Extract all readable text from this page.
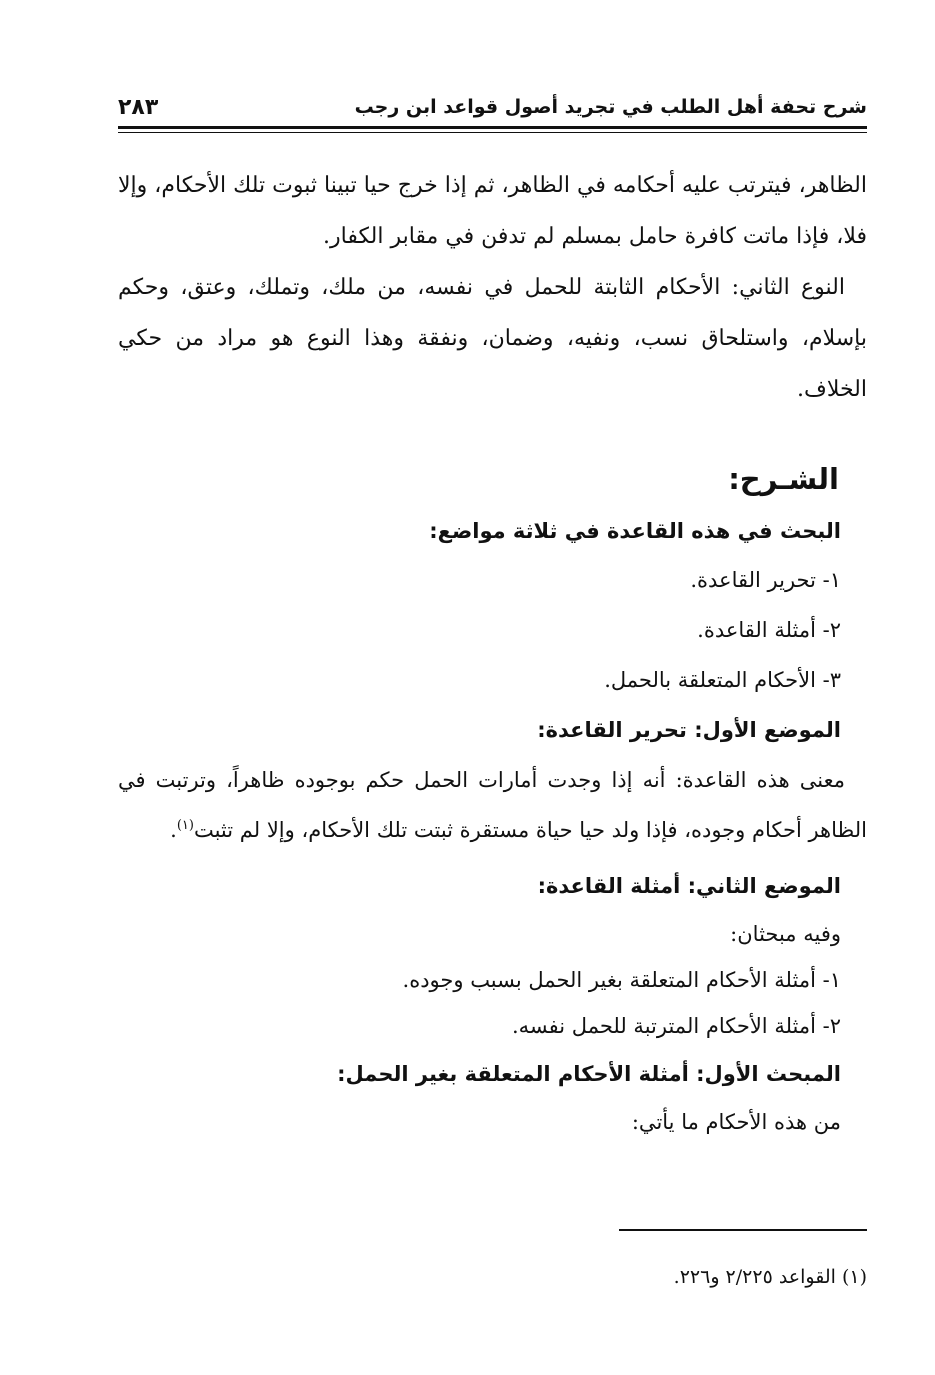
شرح تحفة أهل الطلب في تجريد أصول قواعد ابن رجب
٢٨٣

الظاهر، فيترتب عليه أحكامه في الظاهر، ثم إذا خرج حيا تبينا ثبوت تلك الأحكام، وإلا فلا، فإذا ماتت كافرة حامل بمسلم لم تدفن في مقابر الكفار.

النوع الثاني: الأحكام الثابتة للحمل في نفسه، من ملك، وتملك، وعتق، وحكم بإسلام، واستلحاق نسب، ونفيه، وضمان، ونفقة وهذا النوع هو مراد من حكي الخلاف.

الشـرح:
البحث في هذه القاعدة في ثلاثة مواضع:
١- تحرير القاعدة.
٢- أمثلة القاعدة.
٣- الأحكام المتعلقة بالحمل.
الموضع الأول: تحرير القاعدة:

معنى هذه القاعدة: أنه إذا وجدت أمارات الحمل حكم بوجوده ظاهراً، وترتبت في الظاهر أحكام وجوده، فإذا ولد حيا حياة مستقرة ثبتت تلك الأحكام، وإلا لم تثبت$^{(١)}$.

الموضع الثاني: أمثلة القاعدة:
وفيه مبحثان:
١- أمثلة الأحكام المتعلقة بغير الحمل بسبب وجوده.
٢- أمثلة الأحكام المترتبة للحمل نفسه.
المبحث الأول: أمثلة الأحكام المتعلقة بغير الحمل:
من هذه الأحكام ما يأتي:
(١) القواعد ٢/٢٢٥ و٢٢٦.
